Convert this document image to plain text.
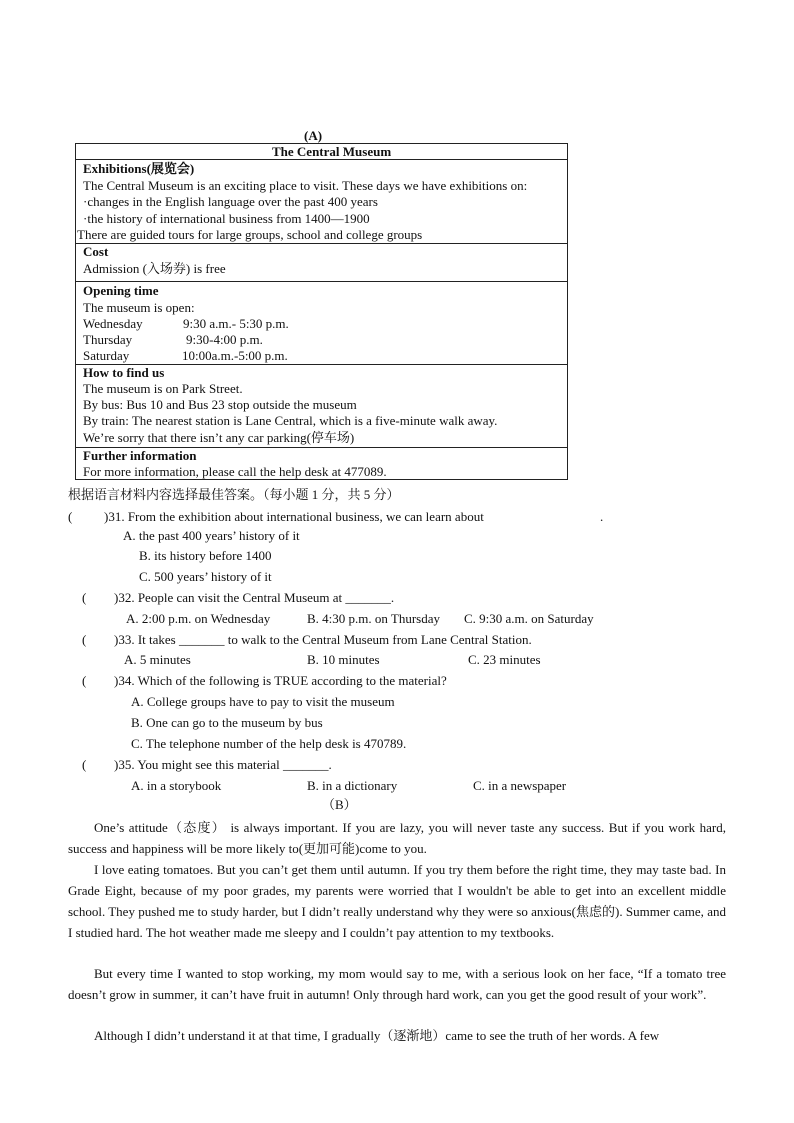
(A)
The Central Museum
Exhibitions(展览会)
The Central Museum is an exciting place to visit. These days we have exhibitions on:
·changes in the English language over the past 400 years
·the history of international business from 1400—1900
There are guided tours for large groups, school and college groups
Cost
Admission (入场券) is free
Opening time
The museum is open:
Wednesday	9:30 a.m.- 5:30 p.m.
Thursday	9:30-4:00 p.m.
Saturday	10:00a.m.-5:00 p.m.
How to find us
The museum is on Park Street.
By bus: Bus 10 and Bus 23 stop outside the museum
By train: The nearest station is Lane Central, which is a five-minute walk away.
We’re sorry that there isn’t any car parking(停车场)
Further information
For more information, please call the help desk at 477089.
根据语言材料内容选择最佳答案。（每小题 1 分，共 5 分）
( )31. From the exhibition about international business, we can learn about	.
A. the past 400 years’ history of it
B. its history before 1400
C. 500 years’ history of it
( )32. People can visit the Central Museum at _______.
A. 2:00 p.m. on Wednesday	B. 4:30 p.m. on Thursday C. 9:30 a.m. on Saturday
( )33. It takes _______ to walk to the Central Museum from Lane Central Station.
A. 5 minutes	B. 10 minutes	C. 23 minutes
( )34. Which of the following is TRUE according to the material?
A. College groups have to pay to visit the museum
B. One can go to the museum by bus
C. The telephone number of the help desk is 470789.
( )35. You might see this material _______.
A. in a storybook	B. in a dictionary	C. in a newspaper
（B）
One’s attitude（态度） is always important. If you are lazy, you will never taste any success. But if you work hard, success and happiness will be more likely to(更加可能)come to you.
I love eating tomatoes. But you can’t get them until autumn. If you try them before the right time, they may taste bad. In Grade Eight, because of my poor grades, my parents were worried that I wouldn't be able to get into an excellent middle school. They pushed me to study harder, but I didn’t really understand why they were so anxious(焦虑的). Summer came, and I studied hard. The hot weather made me sleepy and I couldn’t pay attention to my textbooks.
But every time I wanted to stop working, my mom would say to me, with a serious look on her face, “If a tomato tree doesn’t grow in summer, it can’t have fruit in autumn! Only through hard work, can you get the good result of your work”.
Although I didn’t understand it at that time, I gradually（逐渐地）came to see the truth of her words. A few
